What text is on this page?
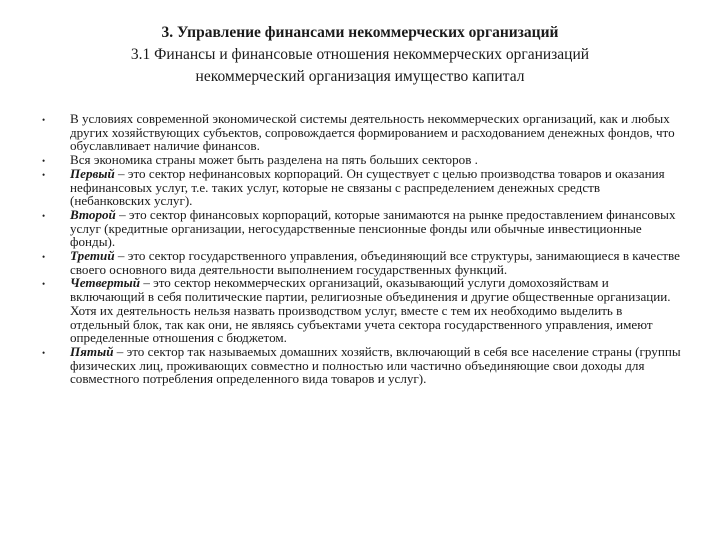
3. Управление финансами некоммерческих организаций
3.1 Финансы и финансовые отношения некоммерческих организаций
некоммерческий организация имущество капитал
• В условиях современной экономической системы деятельность некоммерческих организаций, как и любых других хозяйствующих субъектов, сопровождается формированием и расходованием денежных фондов, что обуславливает наличие финансов.
• Вся экономика страны может быть разделена на пять больших секторов .
• Первый – это сектор нефинансовых корпораций. Он существует с целью производства товаров и оказания нефинансовых услуг, т.е. таких услуг, которые не связаны с распределением денежных средств (небанковских услуг).
• Второй – это сектор финансовых корпораций, которые занимаются на рынке предоставлением финансовых услуг (кредитные организации, негосударственные пенсионные фонды или обычные инвестиционные фонды).
• Третий – это сектор государственного управления, объединяющий все структуры, занимающиеся в качестве своего основного вида деятельности выполнением государственных функций.
• Четвертый – это сектор некоммерческих организаций, оказывающий услуги домохозяйствам и включающий в себя политические партии, религиозные объединения и другие общественные организации. Хотя их деятельность нельзя назвать производством услуг, вместе с тем их необходимо выделить в отдельный блок, так как они, не являясь субъектами учета сектора государственного управления, имеют определенные отношения с бюджетом.
• Пятый – это сектор так называемых домашних хозяйств, включающий в себя все население страны (группы физических лиц, проживающих совместно и полностью или частично объединяющие свои доходы для совместного потребления определенного вида товаров и услуг).
